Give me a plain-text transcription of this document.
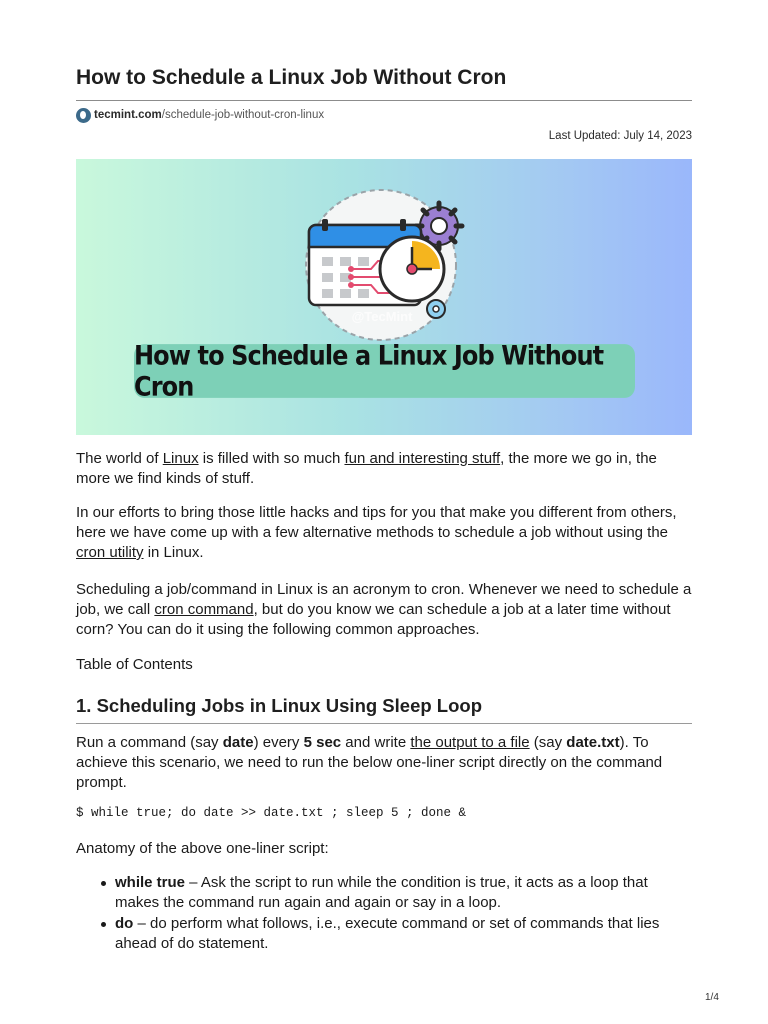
How to Schedule a Linux Job Without Cron
tecmint.com /schedule-job-without-cron-linux
Last Updated: July 14, 2023
@TecMint
How to Schedule a Linux Job Without Cron

The world of Linux is filled with so much fun and interesting stuff, the more we go in, the more we find kinds of stuff.

In our efforts to bring those little hacks and tips for you that make you different from others, here we have come up with a few alternative methods to schedule a job without using the cron utility in Linux.

Scheduling a job/command in Linux is an acronym to cron. Whenever we need to schedule a job, we call cron command, but do you know we can schedule a job at a later time without corn? You can do it using the following common approaches.

Table of Contents

1. Scheduling Jobs in Linux Using Sleep Loop

Run a command (say date) every 5 sec and write the output to a file (say date.txt). To achieve this scenario, we need to run the below one-liner script directly on the command prompt.

$ while true; do date >> date.txt ; sleep 5 ; done &

Anatomy of the above one-liner script:

while true – Ask the script to run while the condition is true, it acts as a loop that makes the command run again and again or say in a loop.
do – do perform what follows, i.e., execute command or set of commands that lies ahead of do statement.
1/4
